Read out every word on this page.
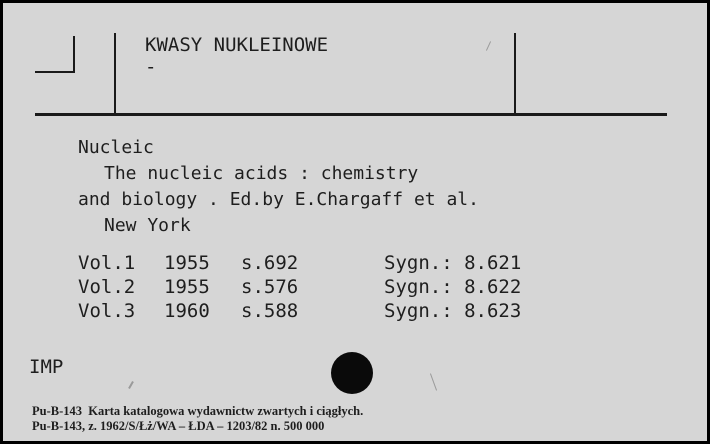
KWASY NUKLEINOWE
-
Nucleic
The nucleic acids : chemistry
and biology . Ed.by E.Chargaff et al.
New York
Vol.1 1955 s.692	Sygn.: 8.621
Vol.2 1955 s.576	Sygn.: 8.622
Vol.3 1960 s.588	Sygn.: 8.623
IMP
Pu-B-143  Karta katalogowa wydawnictw zwartych i ciągłych.
Pu-B-143, z. 1962/S/Łż/WA – ŁDA – 1203/82 n. 500 000
